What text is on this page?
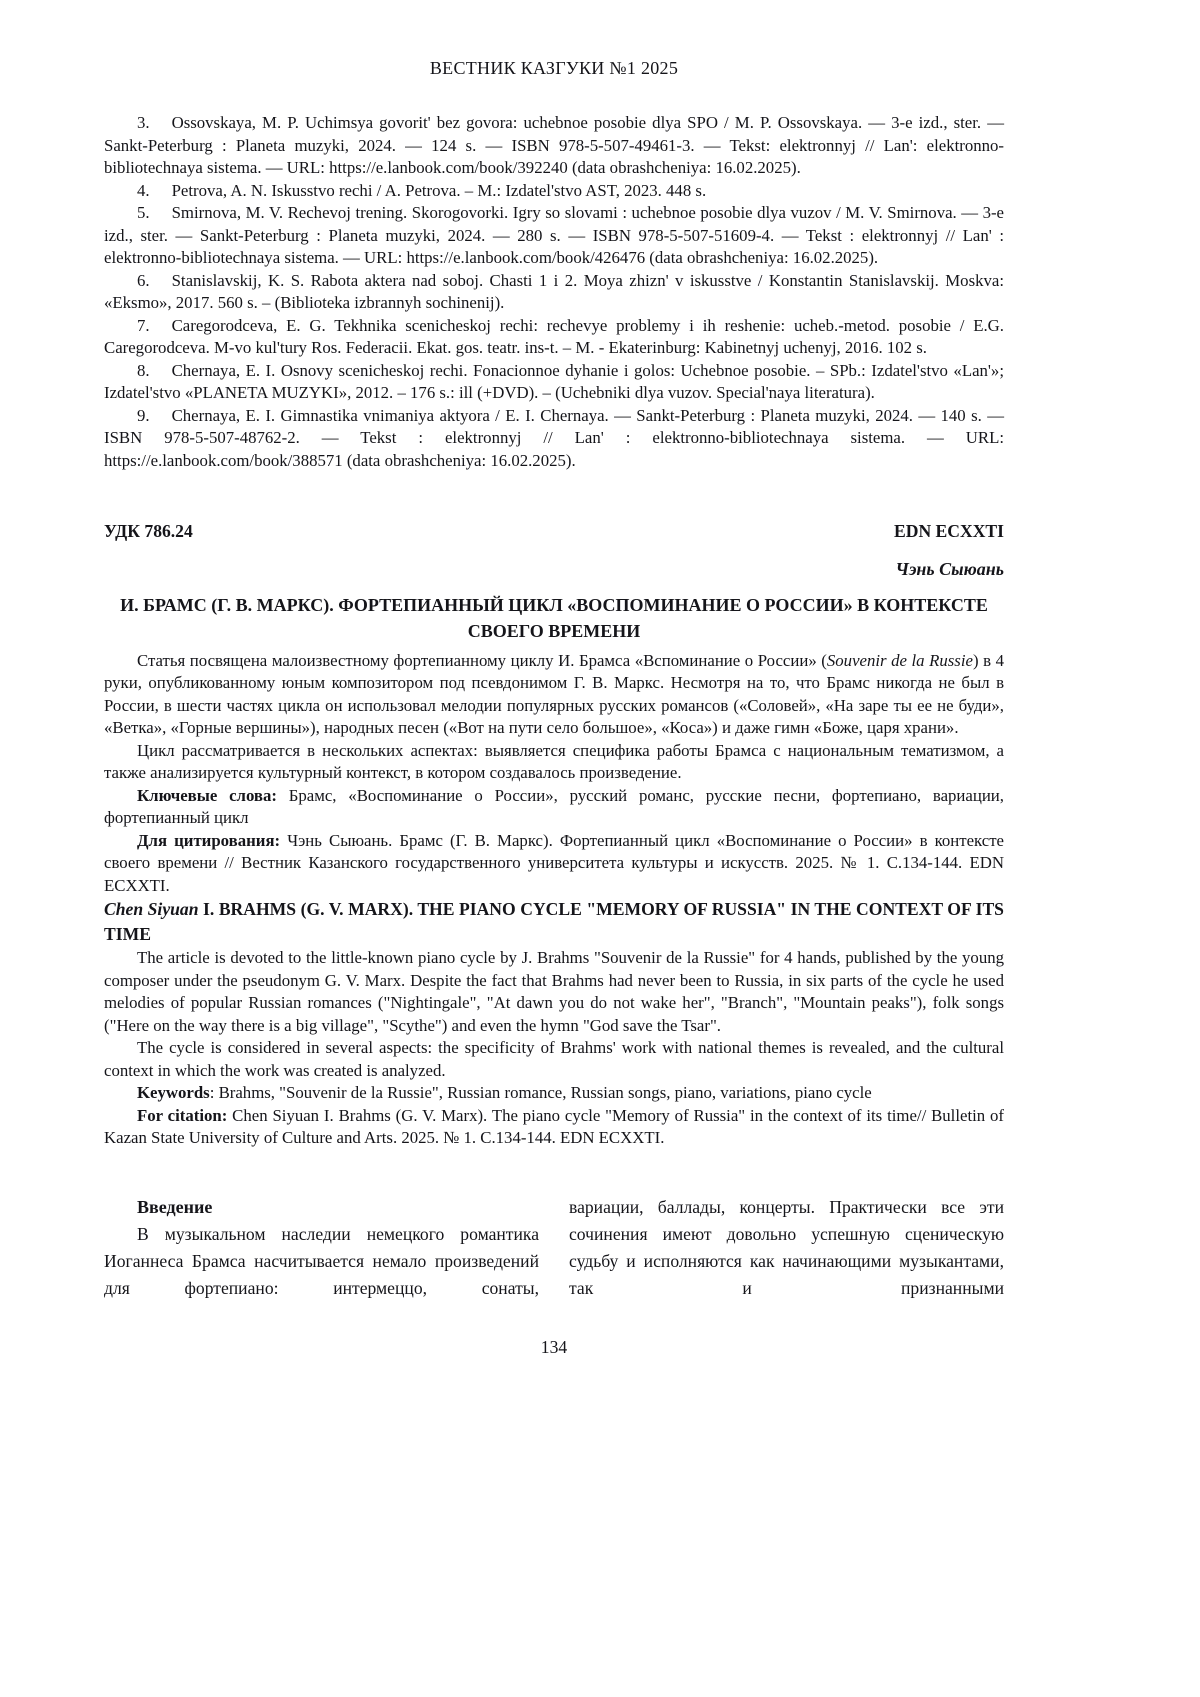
ВЕСТНИК КАЗГУКИ №1 2025

3. Ossovskaya, M. P. Uchimsya govorit' bez govora: uchebnoe posobie dlya SPO / M. P. Ossovskaya. — 3-e izd., ster. — Sankt-Peterburg : Planeta muzyki, 2024. — 124 s. — ISBN 978-5-507-49461-3. — Tekst: elektronnyj // Lan': elektronno-bibliotechnaya sistema. — URL: https://e.lanbook.com/book/392240 (data obrashcheniya: 16.02.2025).

4. Petrova, A. N. Iskusstvo rechi / A. Petrova. – M.: Izdatel'stvo AST, 2023. 448 s.

5. Smirnova, M. V. Rechevoj trening. Skorogovorki. Igry so slovami : uchebnoe posobie dlya vuzov / M. V. Smirnova. — 3-e izd., ster. — Sankt-Peterburg : Planeta muzyki, 2024. — 280 s. — ISBN 978-5-507-51609-4. — Tekst : elektronnyj // Lan' : elektronno-bibliotechnaya sistema. — URL: https://e.lanbook.com/book/426476 (data obrashcheniya: 16.02.2025).

6. Stanislavskij, K. S. Rabota aktera nad soboj. Chasti 1 i 2. Moya zhizn' v iskusstve / Konstantin Stanislavskij. Moskva: «Eksmo», 2017. 560 s. – (Biblioteka izbrannyh sochinenij).

7. Caregorodceva, E. G. Tekhnika scenicheskoj rechi: rechevye problemy i ih reshenie: ucheb.-metod. posobie / E.G. Caregorodceva. M-vo kul'tury Ros. Federacii. Ekat. gos. teatr. ins-t. – M. - Ekaterinburg: Kabinetnyj uchenyj, 2016. 102 s.

8. Chernaya, E. I. Osnovy scenicheskoj rechi. Fonacionnoe dyhanie i golos: Uchebnoe posobie. – SPb.: Izdatel'stvo «Lan'»; Izdatel'stvo «PLANETA MUZYKI», 2012. – 176 s.: ill (+DVD). – (Uchebniki dlya vuzov. Special'naya literatura).

9. Chernaya, E. I. Gimnastika vnimaniya aktyora / E. I. Chernaya. — Sankt-Peterburg : Planeta muzyki, 2024. — 140 s. — ISBN 978-5-507-48762-2. — Tekst : elektronnyj // Lan' : elektronno-bibliotechnaya sistema. — URL: https://e.lanbook.com/book/388571 (data obrashcheniya: 16.02.2025).

УДК 786.24	EDN ECXXTI
Чэнь Сыюань
И. БРАМС (Г. В. МАРКС). ФОРТЕПИАННЫЙ ЦИКЛ «ВОСПОМИНАНИЕ О РОССИИ» В КОНТЕКСТЕ СВОЕГО ВРЕМЕНИ

Статья посвящена малоизвестному фортепианному циклу И. Брамса «Вспоминание о России» (Souvenir de la Russie) в 4 руки, опубликованному юным композитором под псевдонимом Г. В. Маркс. Несмотря на то, что Брамс никогда не был в России, в шести частях цикла он использовал мелодии популярных русских романсов («Соловей», «На заре ты ее не буди», «Ветка», «Горные вершины»), народных песен («Вот на пути село большое», «Коса») и даже гимн «Боже, царя храни».

Цикл рассматривается в нескольких аспектах: выявляется специфика работы Брамса с национальным тематизмом, а также анализируется культурный контекст, в котором создавалось произведение.

Ключевые слова: Брамс, «Воспоминание о России», русский романс, русские песни, фортепиано, вариации, фортепианный цикл

Для цитирования: Чэнь Сыюань. Брамс (Г. В. Маркс). Фортепианный цикл «Воспоминание о России» в контексте своего времени // Вестник Казанского государственного университета культуры и искусств. 2025. № 1. С.134-144. EDN ECXXTI.

Chen Siyuan I. BRAHMS (G. V. MARX). THE PIANO CYCLE "MEMORY OF RUSSIA" IN THE CONTEXT OF ITS TIME

The article is devoted to the little-known piano cycle by J. Brahms "Souvenir de la Russie" for 4 hands, published by the young composer under the pseudonym G. V. Marx. Despite the fact that Brahms had never been to Russia, in six parts of the cycle he used melodies of popular Russian romances ("Nightingale", "At dawn you do not wake her", "Branch", "Mountain peaks"), folk songs ("Here on the way there is a big village", "Scythe") and even the hymn "God save the Tsar".

The cycle is considered in several aspects: the specificity of Brahms' work with national themes is revealed, and the cultural context in which the work was created is analyzed.

Keywords: Brahms, "Souvenir de la Russie", Russian romance, Russian songs, piano, variations, piano cycle

For citation: Chen Siyuan I. Brahms (G. V. Marx). The piano cycle "Memory of Russia" in the context of its time// Bulletin of Kazan State University of Culture and Arts. 2025. № 1. C.134-144. EDN ECXXTI.

Введение

В музыкальном наследии немецкого романтика Иоганнеса Брамса насчитывается немало произведений для фортепиано: интермеццо, сонаты,

вариации, баллады, концерты. Практически все эти сочинения имеют довольно успешную сценическую судьбу и исполняются как начинающими музыкантами, так и признанными

134
